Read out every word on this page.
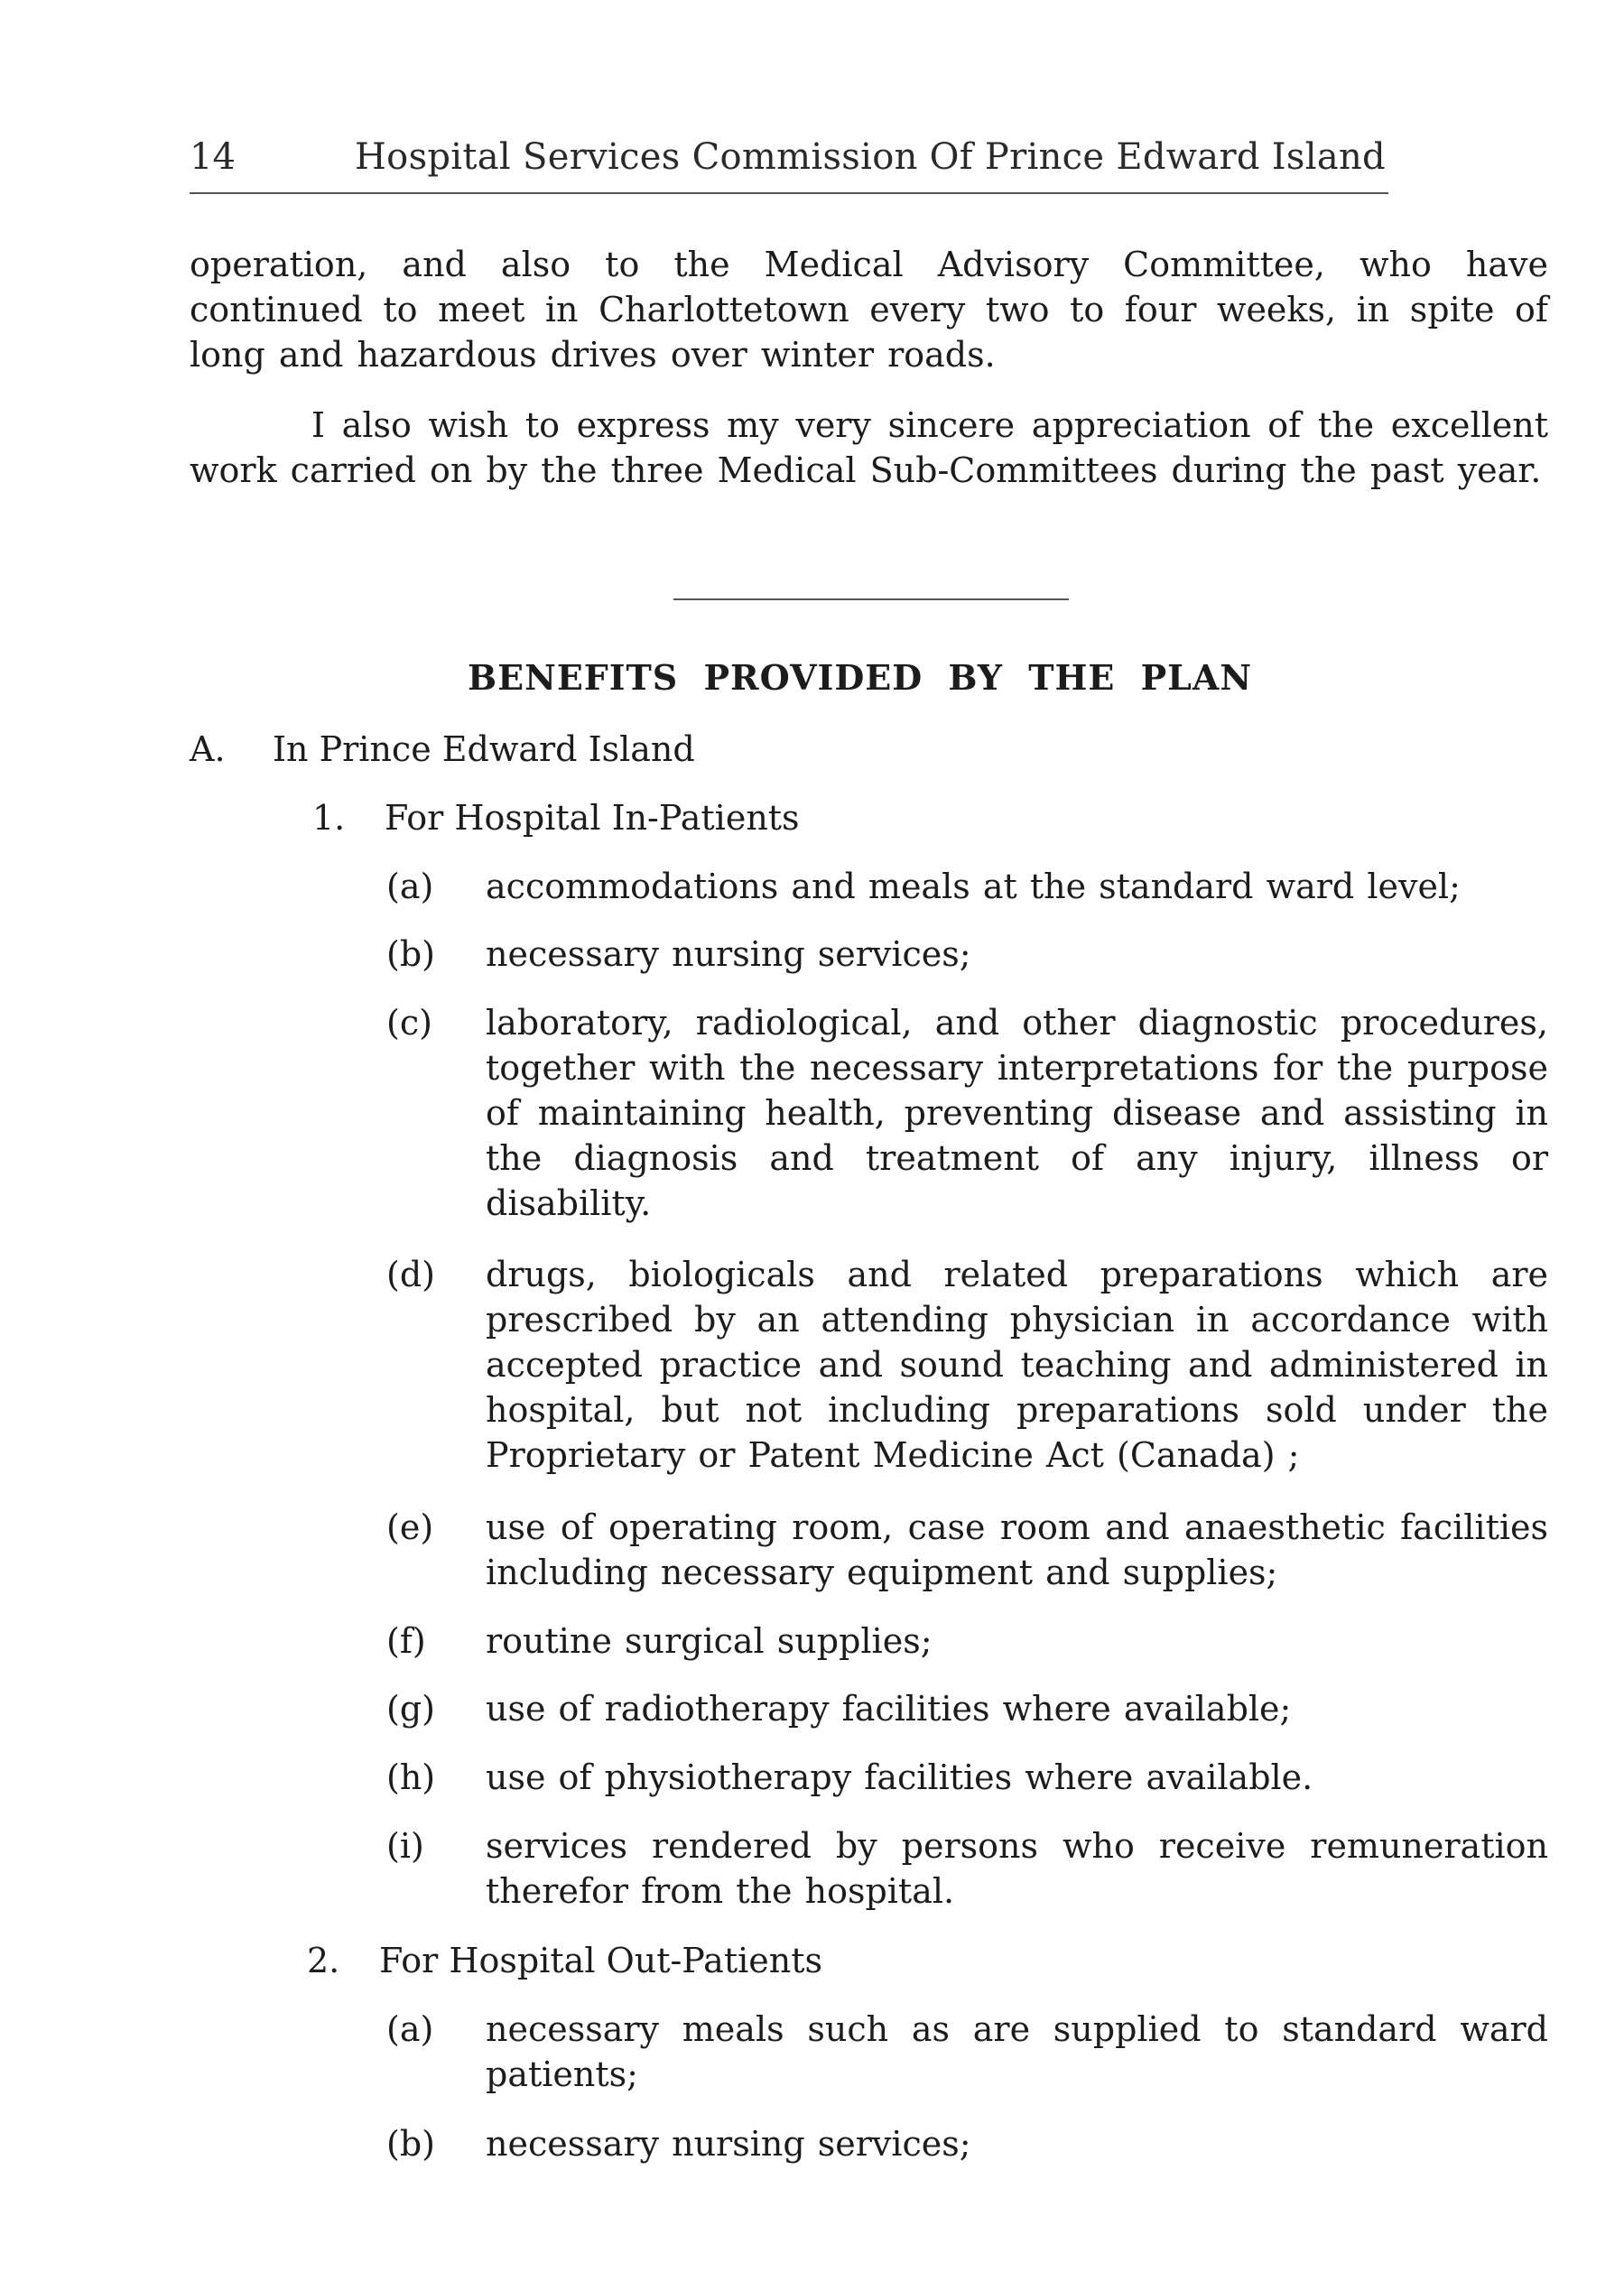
14	Hospital Services Commission Of Prince Edward Island

operation, and also to the Medical Advisory Committee, who have continued to meet in Charlottetown every two to four weeks, in spite of long and hazardous drives over winter roads.

I also wish to express my very sincere appreciation of the excellent work carried on by the three Medical Sub-Committees during the past year.

BENEFITS PROVIDED BY THE PLAN
A. In Prince Edward Island
1. For Hospital In-Patients
(a) accommodations and meals at the standard ward level;
(b) necessary nursing services;
(c) laboratory, radiological, and other diagnostic procedures, together with the necessary interpretations for the purpose of maintaining health, preventing disease and assisting in the diagnosis and treatment of any injury, illness or disability.
(d) drugs, biologicals and related preparations which are prescribed by an attending physician in accordance with accepted practice and sound teaching and administered in hospital, but not including preparations sold under the Proprietary or Patent Medicine Act (Canada) ;
(e) use of operating room, case room and anaesthetic facilities including necessary equipment and supplies;
(f) routine surgical supplies;
(g) use of radiotherapy facilities where available;
(h) use of physiotherapy facilities where available.
(i) services rendered by persons who receive remuneration therefor from the hospital.
2. For Hospital Out-Patients
(a) necessary meals such as are supplied to standard ward patients;
(b) necessary nursing services;
